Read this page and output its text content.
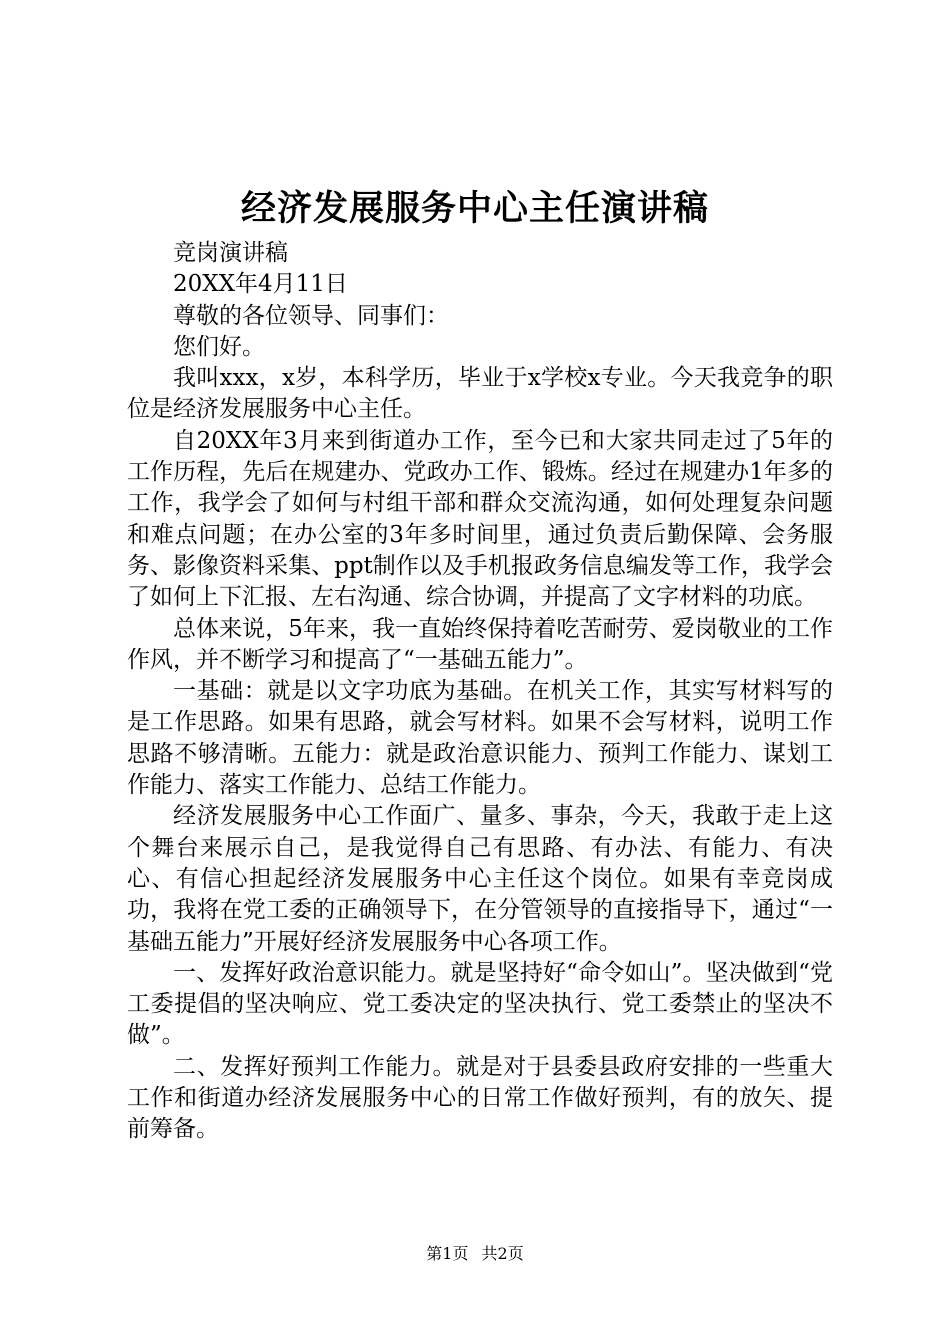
经济发展服务中心主任演讲稿

竞岗演讲稿

20XX年4月11日

尊敬的各位领导、同事们：

您们好。

我叫xxx，x岁，本科学历，毕业于x学校x专业。今天我竞争的职位是经济发展服务中心主任。

自20XX年3月来到街道办工作，至今已和大家共同走过了5年的工作历程，先后在规建办、党政办工作、锻炼。经过在规建办1年多的工作，我学会了如何与村组干部和群众交流沟通，如何处理复杂问题和难点问题；在办公室的3年多时间里，通过负责后勤保障、会务服务、影像资料采集、ppt制作以及手机报政务信息编发等工作，我学会了如何上下汇报、左右沟通、综合协调，并提高了文字材料的功底。

总体来说，5年来，我一直始终保持着吃苦耐劳、爱岗敬业的工作作风，并不断学习和提高了“一基础五能力”。

一基础：就是以文字功底为基础。在机关工作，其实写材料写的是工作思路。如果有思路，就会写材料。如果不会写材料，说明工作思路不够清晰。五能力：就是政治意识能力、预判工作能力、谋划工作能力、落实工作能力、总结工作能力。

经济发展服务中心工作面广、量多、事杂，今天，我敢于走上这个舞台来展示自己，是我觉得自己有思路、有办法、有能力、有决心、有信心担起经济发展服务中心主任这个岗位。如果有幸竞岗成功，我将在党工委的正确领导下，在分管领导的直接指导下，通过“一基础五能力”开展好经济发展服务中心各项工作。

一、发挥好政治意识能力。就是坚持好“命令如山”。坚决做到“党工委提倡的坚决响应、党工委决定的坚决执行、党工委禁止的坚决不做”。

二、发挥好预判工作能力。就是对于县委县政府安排的一些重大工作和街道办经济发展服务中心的日常工作做好预判，有的放矢、提前筹备。

第1页 共2页
